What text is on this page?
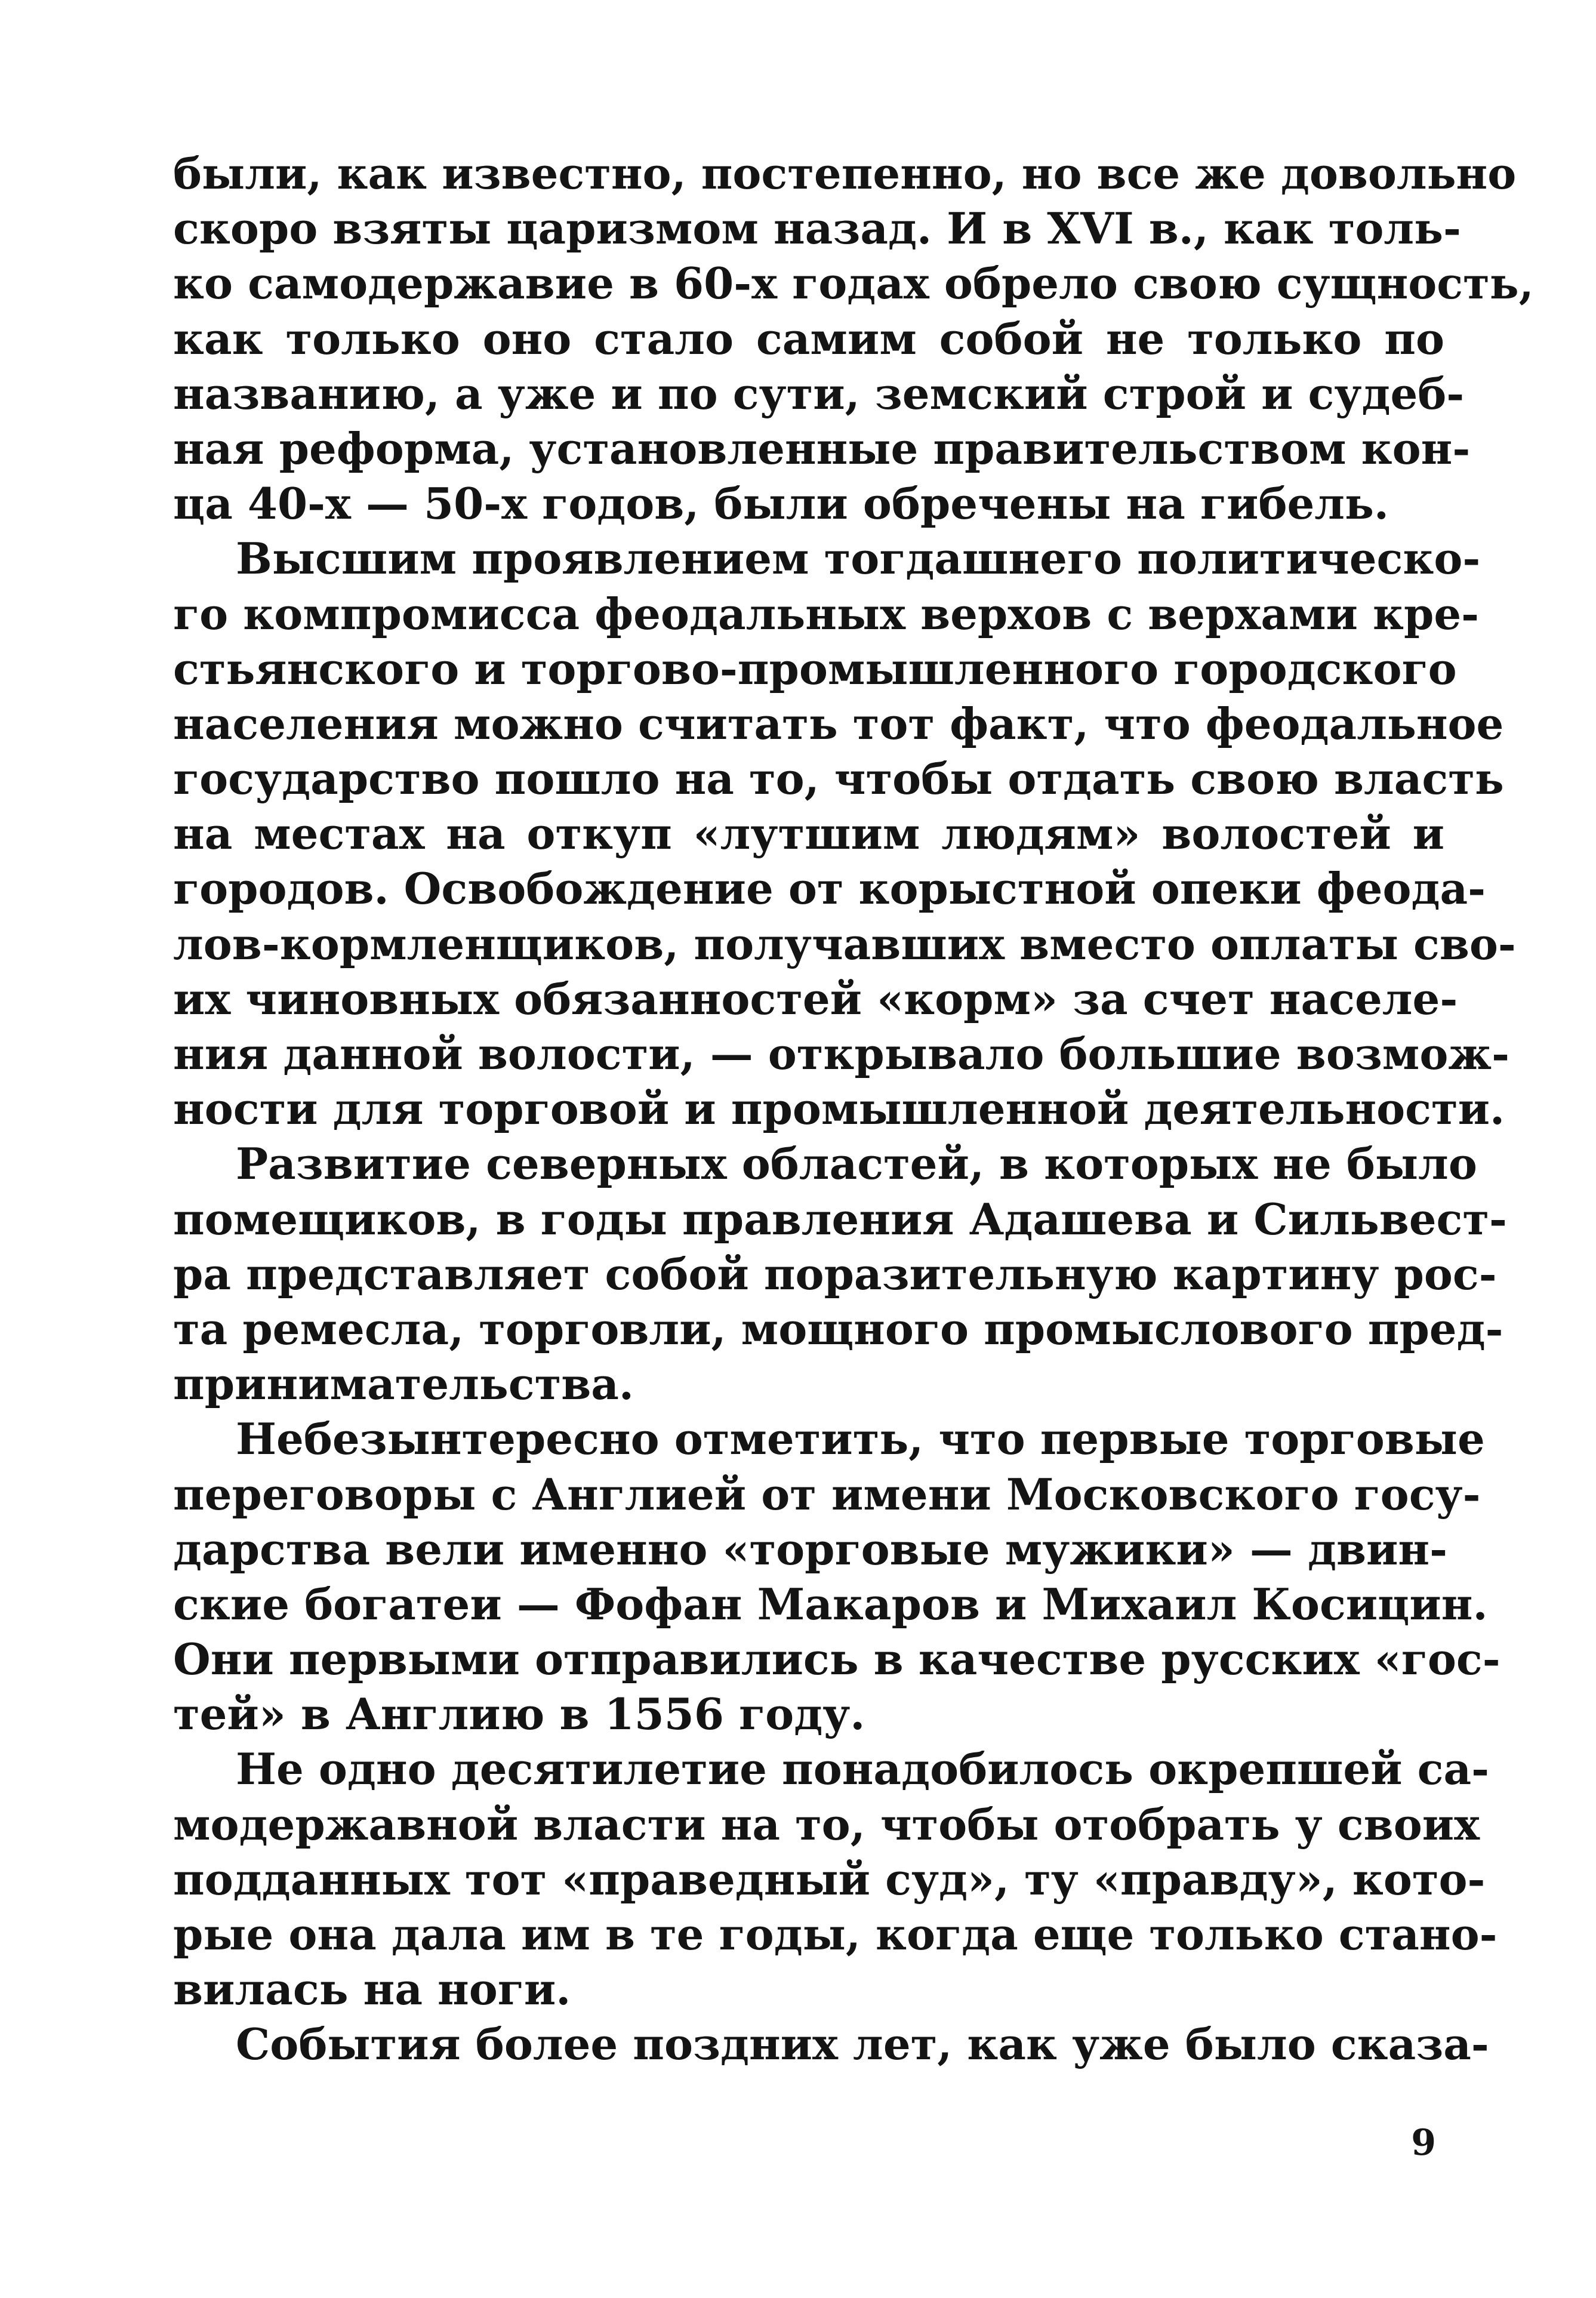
были, как известно, постепенно, но все же довольно
скоро взяты царизмом назад. И в XVI в., как толь-
ко самодержавие в 60-х годах обрело свою сущность,
как только оно стало самим собой не только по
названию, а уже и по сути, земский строй и судеб-
ная реформа, установленные правительством кон-
ца 40-х — 50-х годов, были обречены на гибель.
Высшим проявлением тогдашнего политическо-
го компромисса феодальных верхов с верхами кре-
стьянского и торгово-промышленного городского
населения можно считать тот факт, что феодальное
государство пошло на то, чтобы отдать свою власть
на местах на откуп «лутшим людям» волостей и
городов. Освобождение от корыстной опеки феода-
лов-кормленщиков, получавших вместо оплаты сво-
их чиновных обязанностей «корм» за счет населе-
ния данной волости, — открывало большие возмож-
ности для торговой и промышленной деятельности.
Развитие северных областей, в которых не было
помещиков, в годы правления Адашева и Сильвест-
ра представляет собой поразительную картину рос-
та ремесла, торговли, мощного промыслового пред-
принимательства.
Небезынтересно отметить, что первые торговые
переговоры с Англией от имени Московского госу-
дарства вели именно «торговые мужики» — двин-
ские богатеи — Фофан Макаров и Михаил Косицин.
Они первыми отправились в качестве русских «гос-
тей» в Англию в 1556 году.
Не одно десятилетие понадобилось окрепшей са-
модержавной власти на то, чтобы отобрать у своих
подданных тот «праведный суд», ту «правду», кото-
рые она дала им в те годы, когда еще только стано-
вилась на ноги.
События более поздних лет, как уже было сказа-
9
